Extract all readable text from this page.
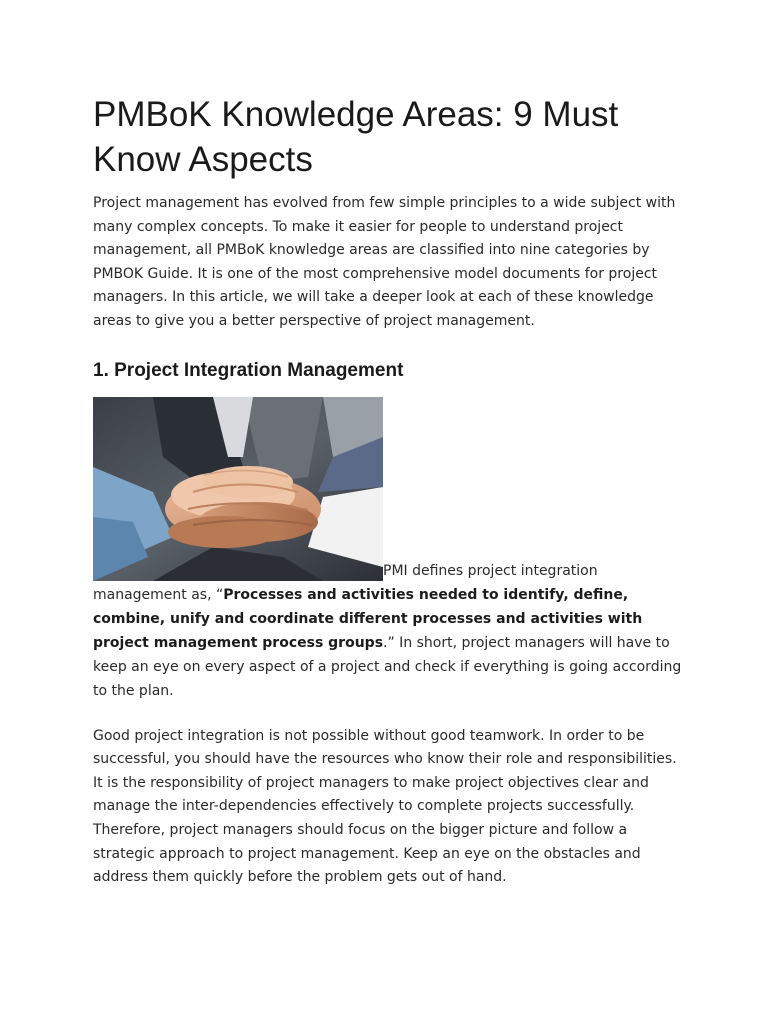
PMBoK Knowledge Areas: 9 Must Know Aspects

Project management has evolved from few simple principles to a wide subject with many complex concepts. To make it easier for people to understand project management, all PMBoK knowledge areas are classified into nine categories by PMBOK Guide. It is one of the most comprehensive model documents for project managers. In this article, we will take a deeper look at each of these knowledge areas to give you a better perspective of project management.

1. Project Integration Management

PMI defines project integration management as, “Processes and activities needed to identify, define, combine, unify and coordinate different processes and activities with project management process groups.” In short, project managers will have to keep an eye on every aspect of a project and check if everything is going according to the plan.

Good project integration is not possible without good teamwork. In order to be successful, you should have the resources who know their role and responsibilities. It is the responsibility of project managers to make project objectives clear and manage the inter-dependencies effectively to complete projects successfully. Therefore, project managers should focus on the bigger picture and follow a strategic approach to project management. Keep an eye on the obstacles and address them quickly before the problem gets out of hand.
